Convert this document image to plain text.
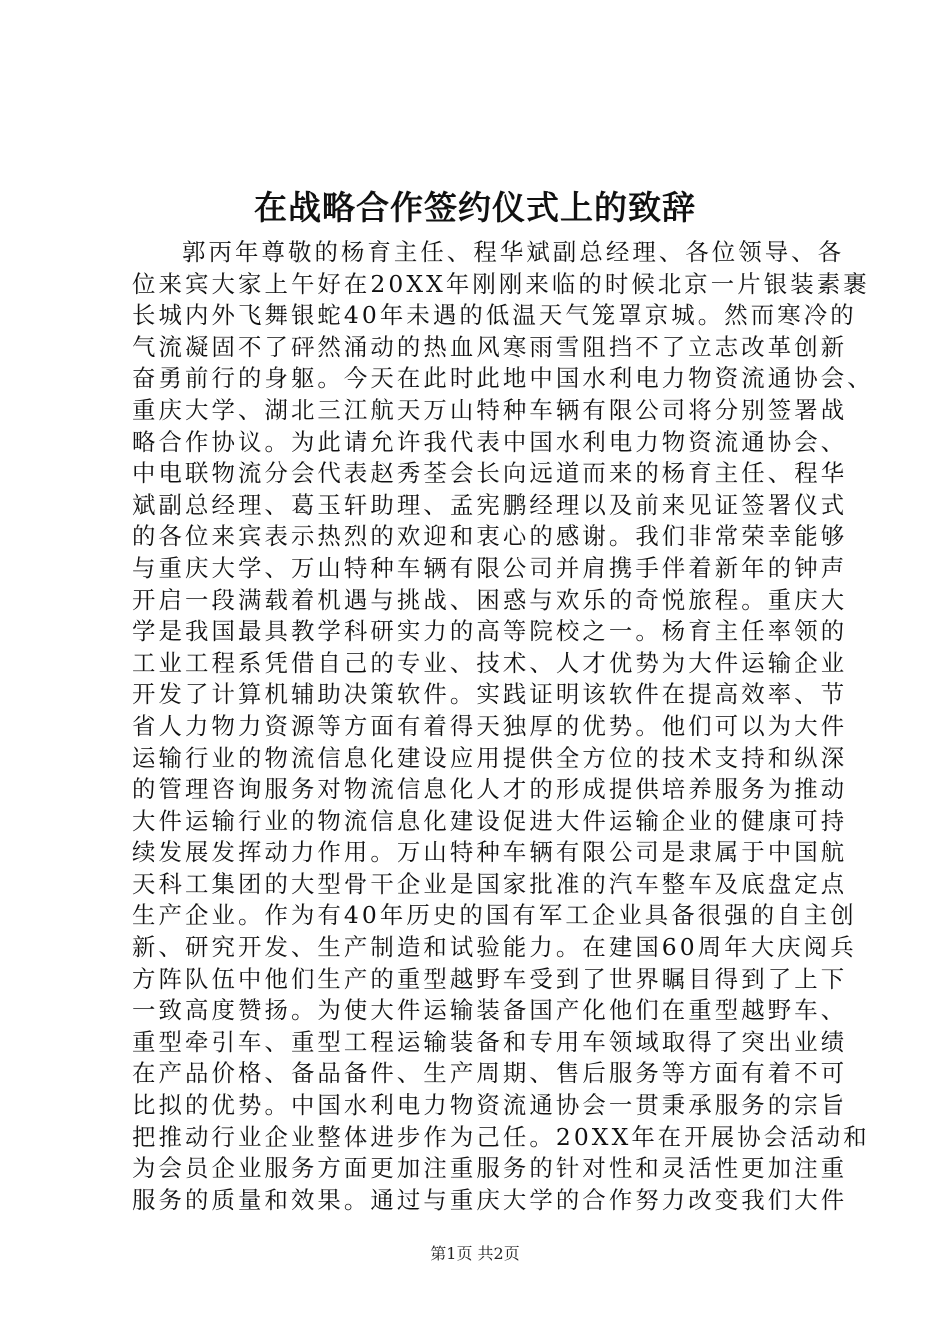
在战略合作签约仪式上的致辞
郭丙年尊敬的杨育主任、程华斌副总经理、各位领导、各
位来宾大家上午好在20XX年刚刚来临的时候北京一片银装素裹
长城内外飞舞银蛇40年未遇的低温天气笼罩京城。然而寒冷的
气流凝固不了砰然涌动的热血风寒雨雪阻挡不了立志改革创新
奋勇前行的身躯。今天在此时此地中国水利电力物资流通协会、
重庆大学、湖北三江航天万山特种车辆有限公司将分别签署战
略合作协议。为此请允许我代表中国水利电力物资流通协会、
中电联物流分会代表赵秀荃会长向远道而来的杨育主任、程华
斌副总经理、葛玉轩助理、孟宪鹏经理以及前来见证签署仪式
的各位来宾表示热烈的欢迎和衷心的感谢。我们非常荣幸能够
与重庆大学、万山特种车辆有限公司并肩携手伴着新年的钟声
开启一段满载着机遇与挑战、困惑与欢乐的奇悦旅程。重庆大
学是我国最具教学科研实力的高等院校之一。杨育主任率领的
工业工程系凭借自己的专业、技术、人才优势为大件运输企业
开发了计算机辅助决策软件。实践证明该软件在提高效率、节
省人力物力资源等方面有着得天独厚的优势。他们可以为大件
运输行业的物流信息化建设应用提供全方位的技术支持和纵深
的管理咨询服务对物流信息化人才的形成提供培养服务为推动
大件运输行业的物流信息化建设促进大件运输企业的健康可持
续发展发挥动力作用。万山特种车辆有限公司是隶属于中国航
天科工集团的大型骨干企业是国家批准的汽车整车及底盘定点
生产企业。作为有40年历史的国有军工企业具备很强的自主创
新、研究开发、生产制造和试验能力。在建国60周年大庆阅兵
方阵队伍中他们生产的重型越野车受到了世界瞩目得到了上下
一致高度赞扬。为使大件运输装备国产化他们在重型越野车、
重型牵引车、重型工程运输装备和专用车领域取得了突出业绩
在产品价格、备品备件、生产周期、售后服务等方面有着不可
比拟的优势。中国水利电力物资流通协会一贯秉承服务的宗旨
把推动行业企业整体进步作为己任。20XX年在开展协会活动和
为会员企业服务方面更加注重服务的针对性和灵活性更加注重
服务的质量和效果。通过与重庆大学的合作努力改变我们大件
第1页 共2页
